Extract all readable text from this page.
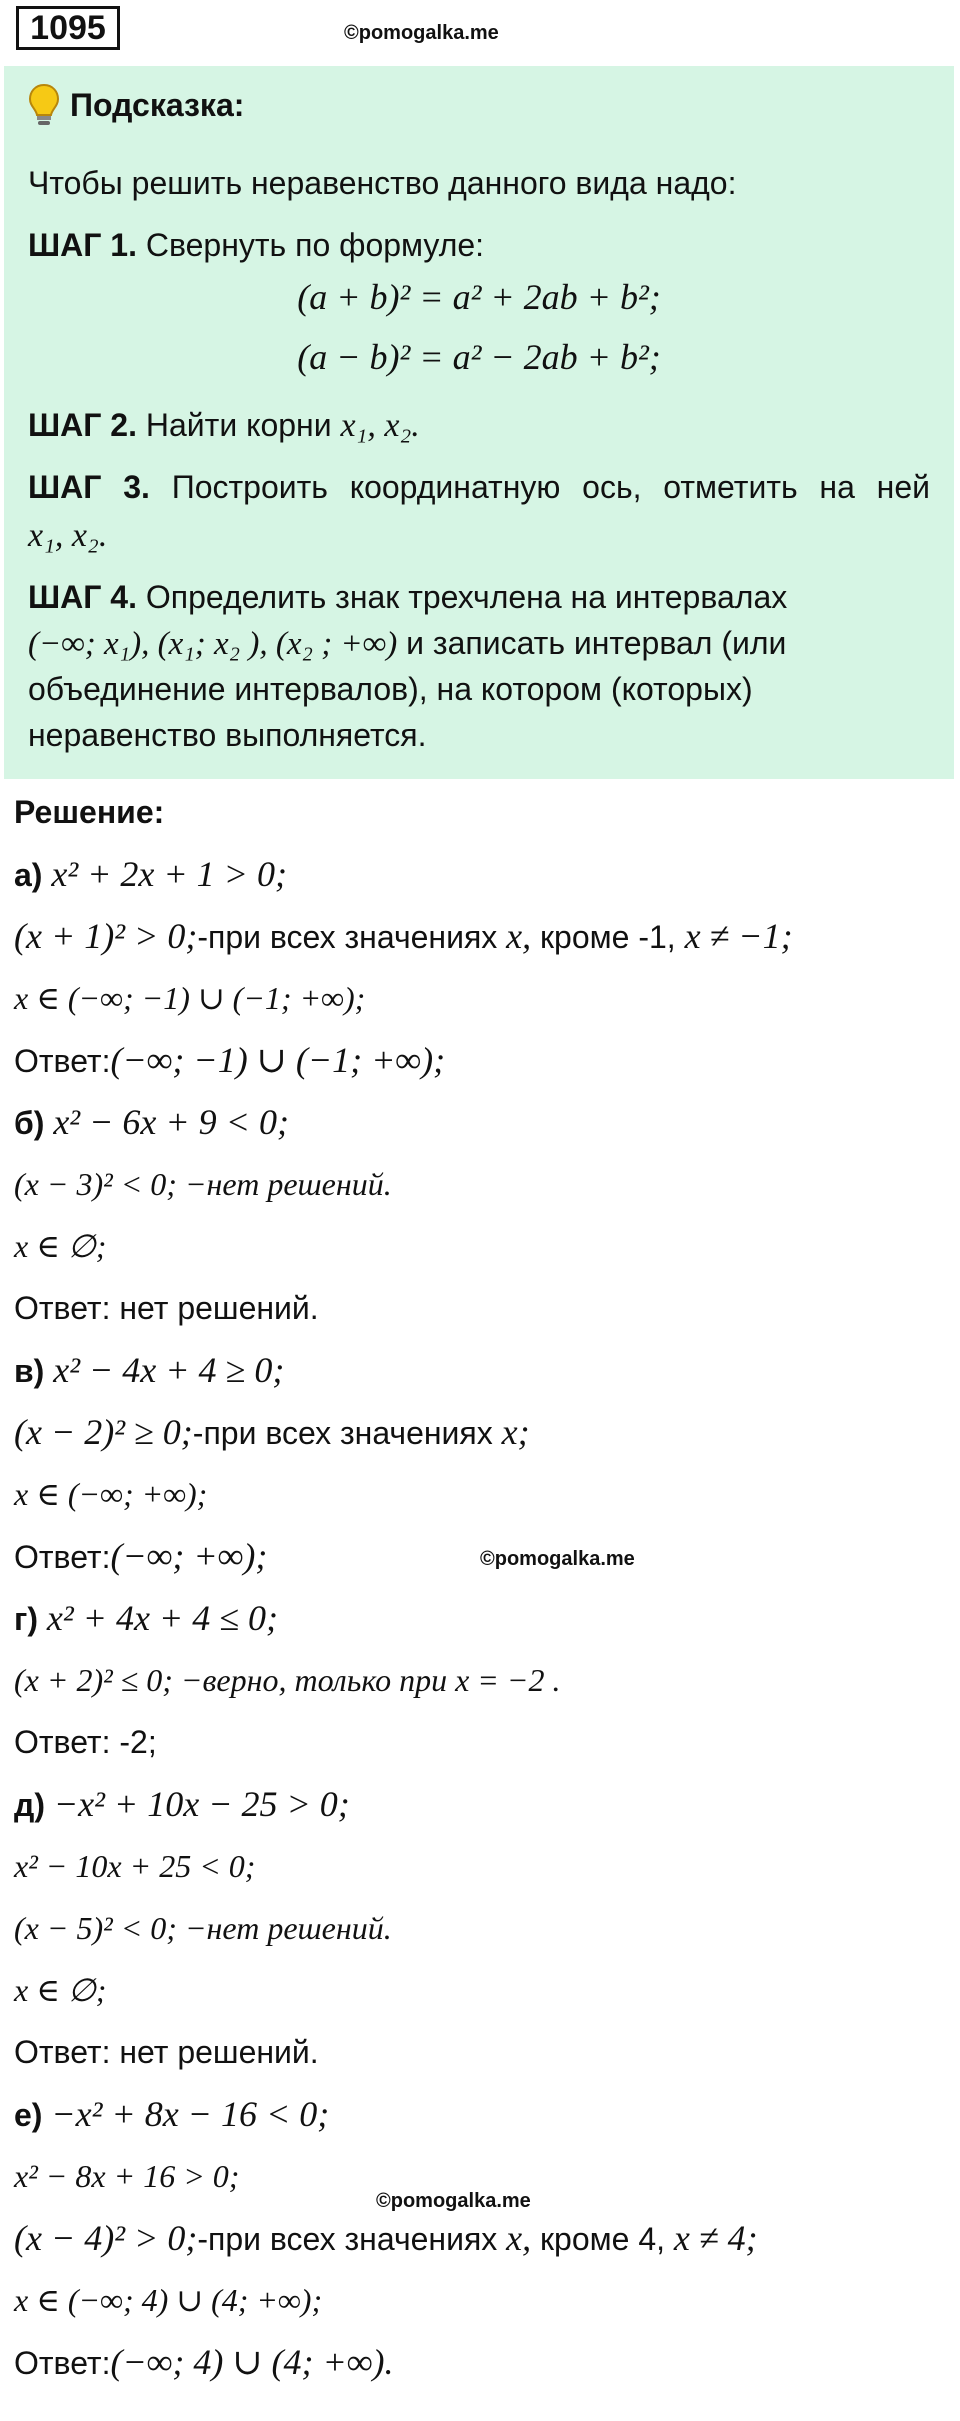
1095	©pomogalka.me
Подсказка:
Чтобы решить неравенство данного вида надо:
ШАГ 1. Свернуть по формуле:
(a + b)² = a² + 2ab + b²;
(a − b)² = a² − 2ab + b²;
ШАГ 2. Найти корни x₁, x₂.
ШАГ 3. Построить координатную ось, отметить на ней
x₁, x₂.
ШАГ 4. Определить знак трехчлена на интервалах
(−∞; x₁), (x₁; x₂ ), (x₂ ; +∞) и записать интервал (или
объединение интервалов), на котором (которых)
неравенство выполняется.
Решение:
а) x² + 2x + 1 > 0;
(x + 1)² > 0;-при всех значениях x, кроме -1, x ≠ −1;
x ∈ (−∞; −1) ∪ (−1; +∞);
Ответ:(−∞; −1) ∪ (−1; +∞);
б) x² − 6x + 9 < 0;
(x − 3)² < 0; −нет решений.
x ∈ ∅;
Ответ: нет решений.
в) x² − 4x + 4 ≥ 0;
(x − 2)² ≥ 0;-при всех значениях x;
x ∈ (−∞; +∞);
Ответ:(−∞; +∞);	©pomogalka.me
г) x² + 4x + 4 ≤ 0;
(x + 2)² ≤ 0; −верно, только при x = −2 .
Ответ: -2;
д) −x² + 10x − 25 > 0;
x² − 10x + 25 < 0;
(x − 5)² < 0; −нет решений.
x ∈ ∅;
Ответ: нет решений.
е) −x² + 8x − 16 < 0;
x² − 8x + 16 > 0;
©pomogalka.me
(x − 4)² > 0;-при всех значениях x, кроме 4, x ≠ 4;
x ∈ (−∞; 4) ∪ (4; +∞);
Ответ:(−∞; 4) ∪ (4; +∞).
